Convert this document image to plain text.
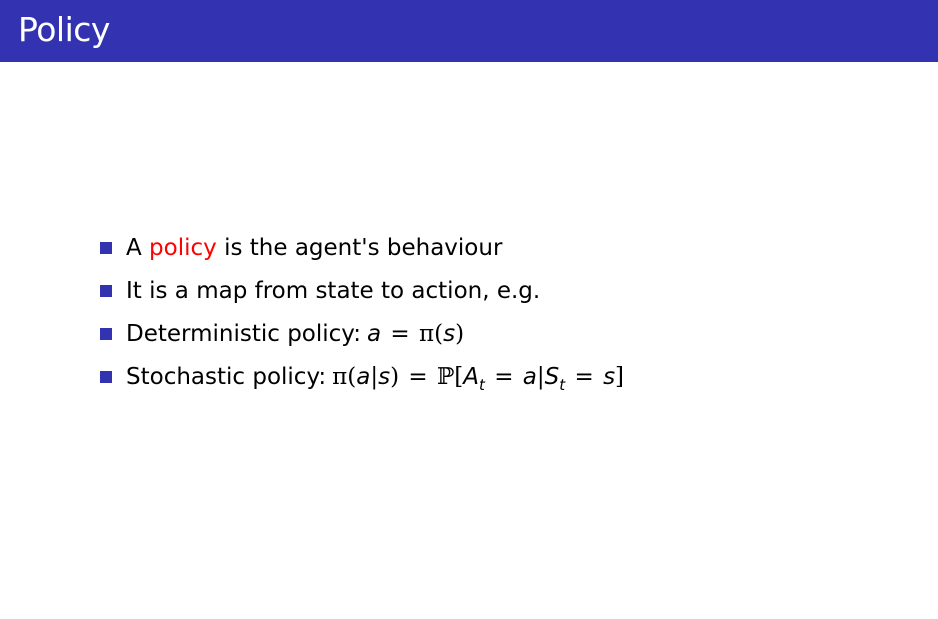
Policy
A policy is the agent's behaviour
It is a map from state to action, e.g.
Deterministic policy: a = π(s)
Stochastic policy: $\pi(a|s) = ℙ[A_t = a|S_t = s]$
